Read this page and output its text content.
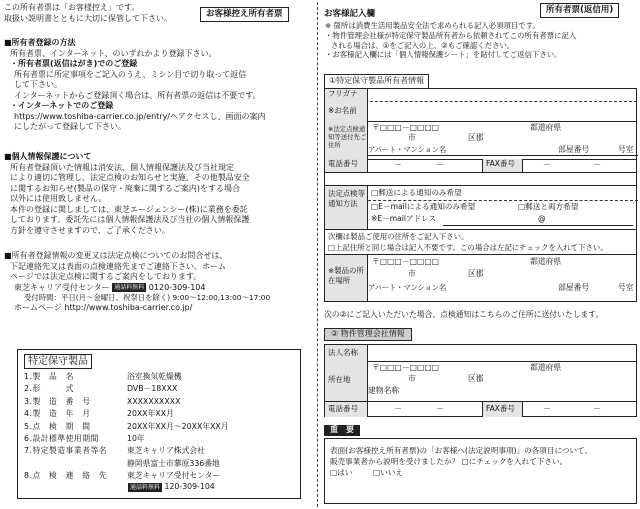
この所有者票は「お客様控え」です。
取扱い説明書とともに大切に保管して下さい。	お客様控え所有者票
■所有者登録の方法
所有者票、インターネット、のいずれかより登録下さい。
・所有者票(返信はがき)でのご登録
所有者票に所定事項をご記入のうえ、ミシン目で切り取って返信
して下さい。
インターネットからご登録頂く場合は、所有者票の返信は不要です。
・インターネットでのご登録
https://www.toshiba-carrier.co.jp/entry/へアクセスし、画面の案内
にしたがって登録して下さい。
■個人情報保護について
所有者登録頂いた情報は消安法、個人情報保護法及び当社規定
により適切に管理し、法定点検のお知らせと実施、その他製品安全
に関するお知らせ(製品の保守・廃棄に関するご案内)をする場合
以外には使用致しません。
本件の登録に関しましては、東芝エージェンシー(株)に業務を委託
しております。委託先には個人情報保護法及び当社の個人情報保護
方針を遵守させますので、ご了承ください。
■所有者登録情報の変更又は法定点検についてのお問合せは、
下記連絡先又は表面の点検連絡先までご連絡下さい。ホーム
ページでは法定点検に関するご案内をしております。
東芝キャリア受付センター 通話料無料 0120-309-104
受付時間：平日(月～金曜日、祝祭日を除く) 9:00～12:00,13:00～17:00
ホームページ http://www.toshiba-carrier.co.jp/
特定保守製品
1.製　品　名	浴室換気乾燥機
2.形　　　式	DVB－18XXX
3.製　造　番　号	XXXXXXXXXX
4.製　造　年　月	20XX年XX月
5.点　検　期　間	20XX年XX月～20XX年XX月
6.設計標準使用期間	10年
7.特定製造事業者等名	東芝キャリア株式会社
静岡県富士市蓼原336番地
8.点　検　連　絡　先	東芝キャリア受付センター
通話料無料 120-309-104
お客様記入欄	所有者票(返信用)
※ 箇所は消費生活用製品安全法で求められる記入必須項目です。
・物件管理会社様が特定保守製品所有者から依頼されてこの所有者票に記入
される場合は、①をご記入の上、②もご確認ください。
・お客様記入欄には「個人情報保護シート」を貼付してご返信下さい。
①特定保守製品所有者情報
フリガナ
※お名前
※法定点検通知等送付先ご住所
〒□□□－□□□□	都道府県
市	区郡
アパート・マンション名	部屋番号	号室
電話番号	－	－	FAX番号	－	－
法定点検等通知方法
□郵送による通知のみ希望
□E－mailによる通知のみ希望	□郵送と両方希望
※E－mailアドレス	@
次欄は製品ご使用の住所をご記入下さい。
□上記住所と同じ場合は記入不要です。この場合は左記にチェックを入れて下さい。
※製品の所在場所
〒□□□－□□□□	都道府県
市	区郡
アパート・マンション名	部屋番号	号室
次の②にご記入いただいた場合、点検通知はこちらのご住所に送付いたします。
② 物件管理会社情報
法人名称
所在地
〒□□□－□□□□	都道府県
市	区郡
建物名称
電話番号	－	－	FAX番号	－	－
重　要
表面(お客様控え所有者票)の「お客様へ(法定説明事項)」の各項目について、
販売事業者から説明を受けましたか？ □にチェックを入れて下さい。
□はい	□いいえ
